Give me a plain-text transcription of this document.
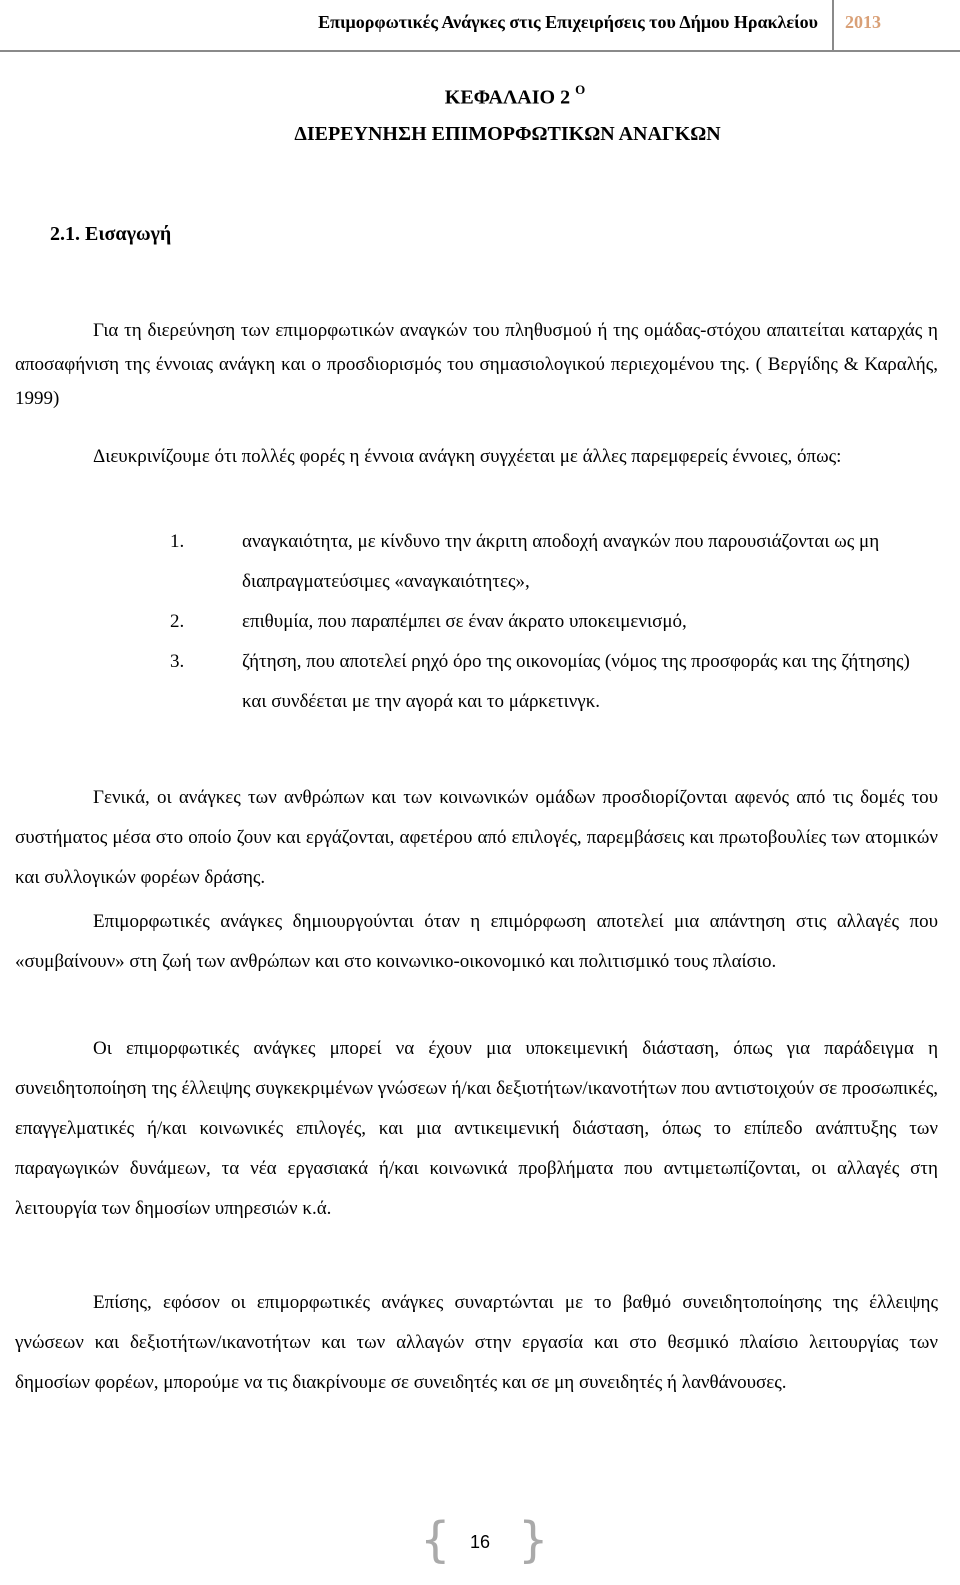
Επιμορφωτικές Ανάγκες στις Επιχειρήσεις του Δήμου Ηρακλείου 2013
ΚΕΦΑΛΑΙΟ 2 $^O$
ΔΙΕΡΕΥΝΗΣΗ ΕΠΙΜΟΡΦΩΤΙΚΩΝ ΑΝΑΓΚΩΝ
2.1. Εισαγωγή

Για τη διερεύνηση των επιμορφωτικών αναγκών του πληθυσμού ή της ομάδας-στόχου απαιτείται καταρχάς η αποσαφήνιση της έννοιας ανάγκη και ο προσδιορισμός του σημασιολογικού περιεχομένου της. ( Βεργίδης & Καραλής, 1999)

Διευκρινίζουμε ότι πολλές φορές η έννοια ανάγκη συγχέεται με άλλες παρεμφερείς έννοιες, όπως:

1.	αναγκαιότητα, με κίνδυνο την άκριτη αποδοχή αναγκών που παρουσιάζονται ως μη διαπραγματεύσιμες «αναγκαιότητες»,
2.	επιθυμία, που παραπέμπει σε έναν άκρατο υποκειμενισμό,
3.	ζήτηση, που αποτελεί ρηχό όρο της οικονομίας (νόμος της προσφοράς και της ζήτησης) και συνδέεται με την αγορά και το μάρκετινγκ.

Γενικά, οι ανάγκες των ανθρώπων και των κοινωνικών ομάδων προσδιορίζονται αφενός από τις δομές του συστήματος μέσα στο οποίο ζουν και εργάζονται, αφετέρου από επιλογές, παρεμβάσεις και πρωτοβουλίες των ατομικών και συλλογικών φορέων δράσης.

Επιμορφωτικές ανάγκες δημιουργούνται όταν η επιμόρφωση αποτελεί μια απάντηση στις αλλαγές που «συμβαίνουν» στη ζωή των ανθρώπων και στο κοινωνικο-οικονομικό και πολιτισμικό τους πλαίσιο.

Οι επιμορφωτικές ανάγκες μπορεί να έχουν μια υποκειμενική διάσταση, όπως για παράδειγμα η συνειδητοποίηση της έλλειψης συγκεκριμένων γνώσεων ή/και δεξιοτήτων/ικανοτήτων που αντιστοιχούν σε προσωπικές, επαγγελματικές ή/και κοινωνικές επιλογές, και μια αντικειμενική διάσταση, όπως το επίπεδο ανάπτυξης των παραγωγικών δυνάμεων, τα νέα εργασιακά ή/και κοινωνικά προβλήματα που αντιμετωπίζονται, οι αλλαγές στη λειτουργία των δημοσίων υπηρεσιών κ.ά.

Επίσης, εφόσον οι επιμορφωτικές ανάγκες συναρτώνται με το βαθμό συνειδητοποίησης της έλλειψης γνώσεων και δεξιοτήτων/ικανοτήτων και των αλλαγών στην εργασία και στο θεσμικό πλαίσιο λειτουργίας των δημοσίων φορέων, μπορούμε να τις διακρίνουμε σε συνειδητές και σε μη συνειδητές ή λανθάνουσες.

{	16 }
